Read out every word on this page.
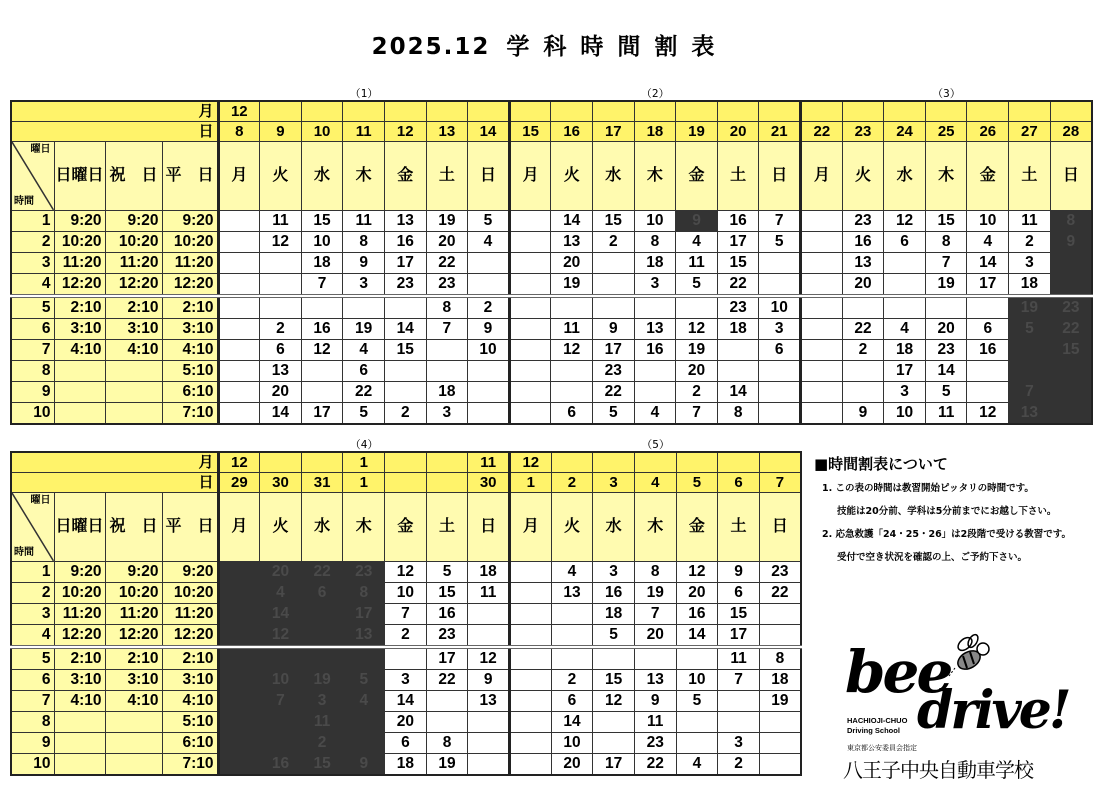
2025.12 学科時間割表
月				12																				
日				8	9	10	11	12	13	14	15	16	17	18	19	20	21	22	23	24	25	26	27	28

曜日
時間	日曜日	祝　日	平　日	月	火	水	木	金	土	日	月	火	水	木	金	土	日	月	火	水	木	金	土	日
1	9:20	9:20	9:20		11	15	11	13	19	5		14	15	10	9	16	7		23	12	15	10	11	8
2	10:20	10:20	10:20		12	10	8	16	20	4		13	2	8	4	17	5		16	6	8	4	2	9
3	11:20	11:20	11:20			18	9	17	22			20		18	11	15			13		7	14	3	
4	12:20	12:20	12:20			7	3	23	23			19		3	5	22			20		19	17	18	
5	2:10	2:10	2:10						8	2						23	10						19	23
6	3:10	3:10	3:10		2	16	19	14	7	9		11	9	13	12	18	3		22	4	20	6	5	22
7	4:10	4:10	4:10		6	12	4	15		10		12	17	16	19		6		2	18	23	16		15
8			5:10		13		6						23		20					17	14			
9			6:10		20		22		18				22		2	14				3	5		7	
10			7:10		14	17	5	2	3			6	5	4	7	8			9	10	11	12	13	
月				12			1			11	12						
日				29	30	31	1			30	1	2	3	4	5	6	7

曜日
時間	日曜日	祝　日	平　日	月	火	水	木	金	土	日	月	火	水	木	金	土	日
1	9:20	9:20	9:20		20	22	23	12	5	18		4	3	8	12	9	23
2	10:20	10:20	10:20		4	6	8	10	15	11		13	16	19	20	6	22
3	11:20	11:20	11:20		14		17	7	16				18	7	16	15	
4	12:20	12:20	12:20		12		13	2	23				5	20	14	17	
5	2:10	2:10	2:10						17	12						11	8
6	3:10	3:10	3:10		10	19	5	3	22	9		2	15	13	10	7	18
7	4:10	4:10	4:10		7	3	4	14		13		6	12	9	5		19
8			5:10			11		20				14		11			
9			6:10			2		6	8			10		23		3	
10			7:10		16	15	9	18	19			20	17	22	4	2	
■時間割表について

1. この表の時間は教習開始ピッタリの時間です。

技能は20分前、学科は5分前までにお越し下さい。

2. 応急救護「24・25・26」は2段階で受ける教習です。

受付で空き状況を確認の上、ご予約下さい。

bee
drive!
HACHIOJI-CHUO
Driving School
東京都公安委員会指定
八王子中央自動車学校
（1）	（2）	（3）
（4）	（5）
